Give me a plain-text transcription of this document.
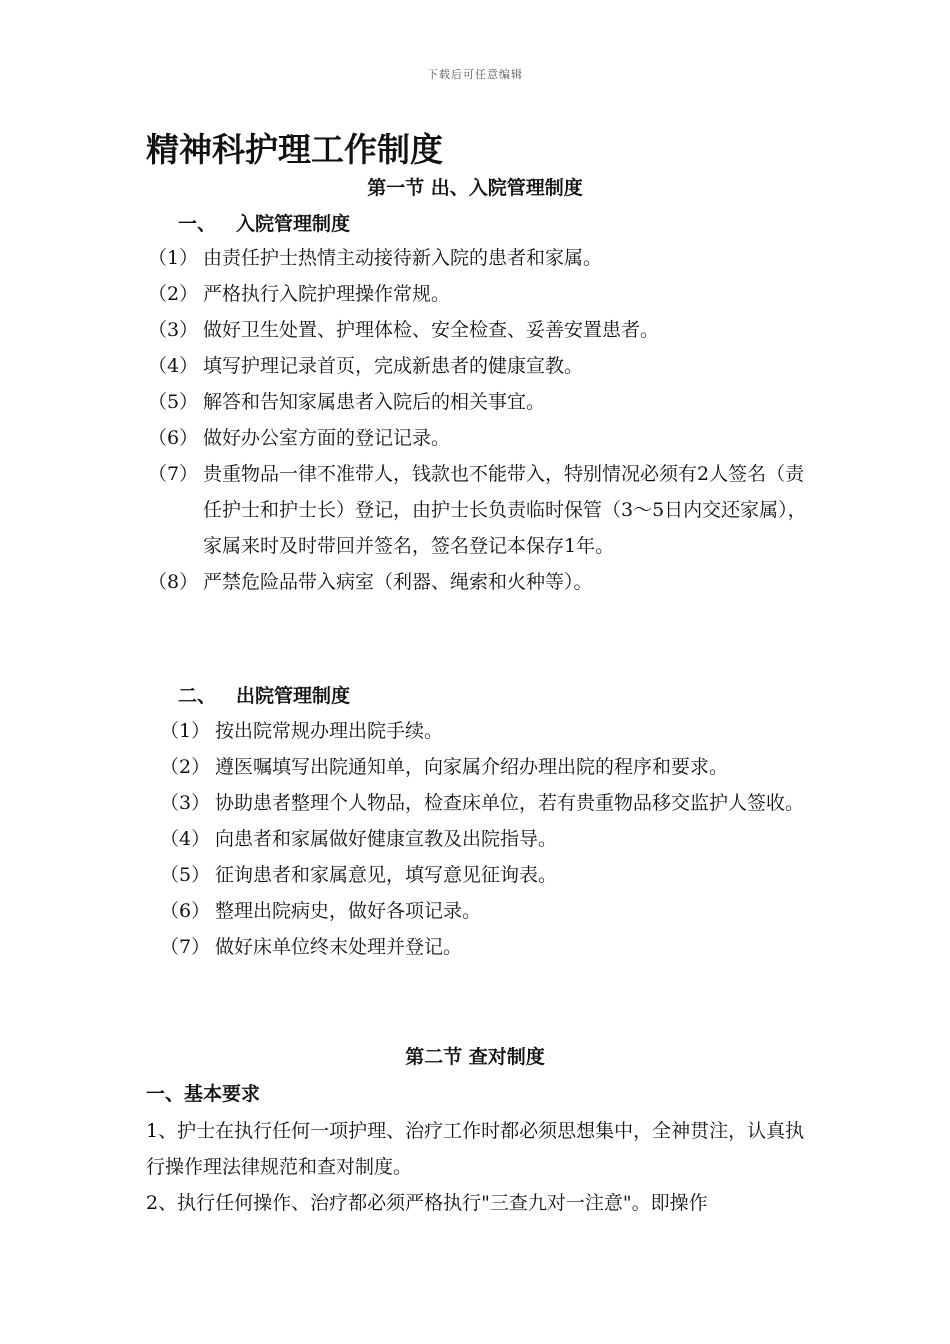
下载后可任意编辑
精神科护理工作制度
第一节 出、入院管理制度
一、 入院管理制度
（1） 由责任护士热情主动接待新入院的患者和家属。
（2） 严格执行入院护理操作常规。
（3） 做好卫生处置、护理体检、安全检查、妥善安置患者。
（4） 填写护理记录首页，完成新患者的健康宣教。
（5） 解答和告知家属患者入院后的相关事宜。
（6） 做好办公室方面的登记记录。
（7） 贵重物品一律不准带人，钱款也不能带入，特别情况必须有2人签名（责任护士和护士长）登记，由护士长负责临时保管（3～5日内交还家属），家属来时及时带回并签名，签名登记本保存1年。
（8） 严禁危险品带入病室（利器、绳索和火种等）。
二、 出院管理制度
（1） 按出院常规办理出院手续。
（2） 遵医嘱填写出院通知单，向家属介绍办理出院的程序和要求。
（3） 协助患者整理个人物品，检查床单位，若有贵重物品移交监护人签收。
（4） 向患者和家属做好健康宣教及出院指导。
（5） 征询患者和家属意见，填写意见征询表。
（6） 整理出院病史，做好各项记录。
（7） 做好床单位终末处理并登记。
第二节 查对制度
一、基本要求

1、护士在执行任何一项护理、治疗工作时都必须思想集中，全神贯注，认真执行操作理法律规范和查对制度。

2、执行任何操作、治疗都必须严格执行"三查九对一注意"。即操作
